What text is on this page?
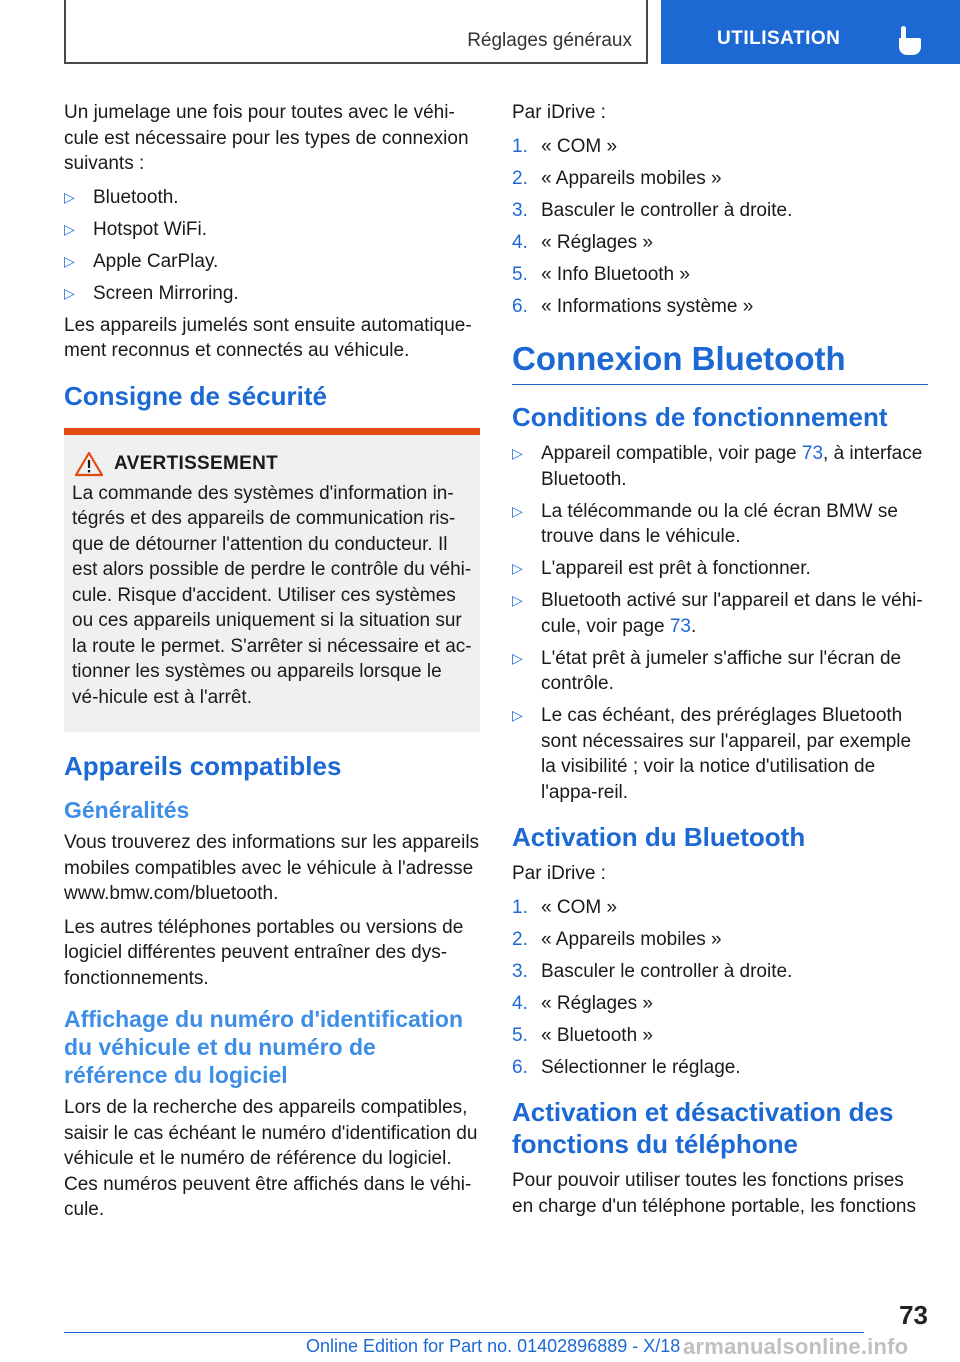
Réglages généraux	UTILISATION

Un jumelage une fois pour toutes avec le véhi-cule est nécessaire pour les types de connexion suivants :

▷ Bluetooth.
▷ Hotspot WiFi.
▷ Apple CarPlay.
▷ Screen Mirroring.

Les appareils jumelés sont ensuite automatique-ment reconnus et connectés au véhicule.

Consigne de sécurité
AVERTISSEMENT

La commande des systèmes d'information in-tégrés et des appareils de communication ris-que de détourner l'attention du conducteur. Il est alors possible de perdre le contrôle du véhi-cule. Risque d'accident. Utiliser ces systèmes ou ces appareils uniquement si la situation sur la route le permet. S'arrêter si nécessaire et ac-tionner les systèmes ou appareils lorsque le vé-hicule est à l'arrêt.

Appareils compatibles
Généralités

Vous trouverez des informations sur les appareils mobiles compatibles avec le véhicule à l'adresse www.bmw.com/bluetooth.

Les autres téléphones portables ou versions de logiciel différentes peuvent entraîner des dys-fonctionnements.

Affichage du numéro d'identification du véhicule et du numéro de référence du logiciel

Lors de la recherche des appareils compatibles, saisir le cas échéant le numéro d'identification du véhicule et le numéro de référence du logiciel. Ces numéros peuvent être affichés dans le véhi-cule.

Par iDrive :

1. « COM »
2. « Appareils mobiles »
3. Basculer le controller à droite.
4. « Réglages »
5. « Info Bluetooth »
6. « Informations système »
Connexion Bluetooth
Conditions de fonctionnement
▷ Appareil compatible, voir page 73, à interface Bluetooth.
▷ La télécommande ou la clé écran BMW se trouve dans le véhicule.
▷ L'appareil est prêt à fonctionner.
▷ Bluetooth activé sur l'appareil et dans le véhi-cule, voir page 73.
▷ L'état prêt à jumeler s'affiche sur l'écran de contrôle.
▷ Le cas échéant, des préréglages Bluetooth sont nécessaires sur l'appareil, par exemple la visibilité ; voir la notice d'utilisation de l'appa-reil.
Activation du Bluetooth

Par iDrive :

1. « COM »
2. « Appareils mobiles »
3. Basculer le controller à droite.
4. « Réglages »
5. « Bluetooth »
6. Sélectionner le réglage.
Activation et désactivation des fonctions du téléphone

Pour pouvoir utiliser toutes les fonctions prises en charge d'un téléphone portable, les fonctions

73
Online Edition for Part no. 01402896889 - X/18 armanualsonline.info
